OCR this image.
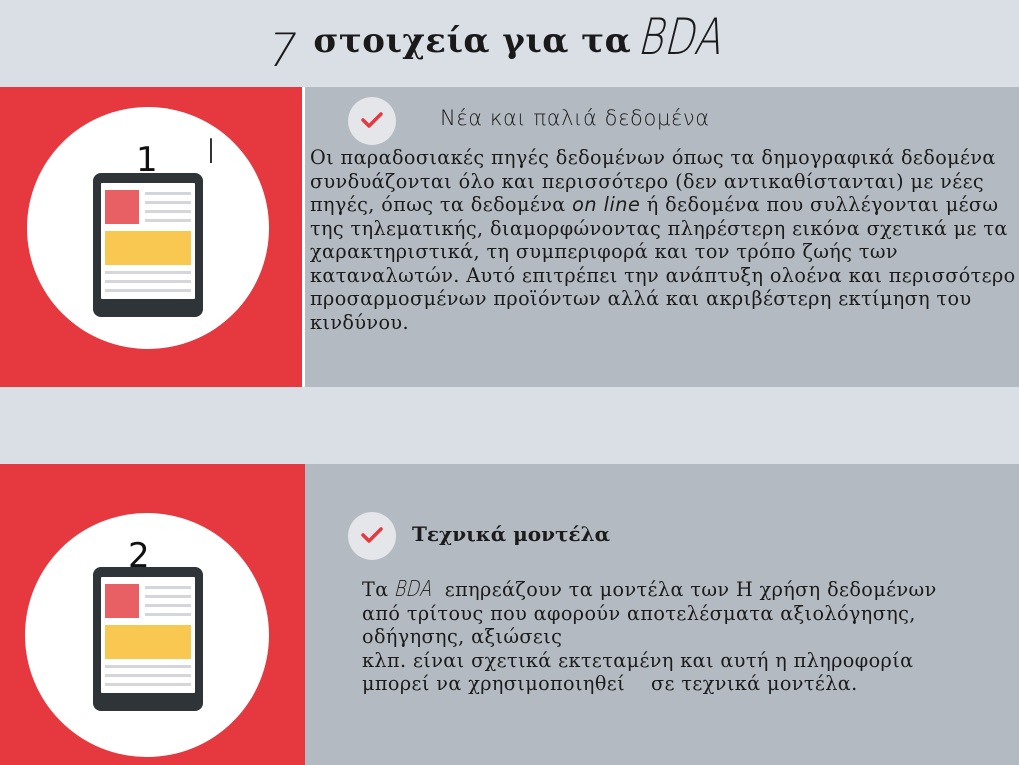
7 στοιχεία για ταBDA
1 I
Νέα και παλιά δεδομένα
Οι παραδοσιακές πηγές δεδομένων όπως τα δημογραφικά δεδομένα συνδυάζονται όλο και περισσότερο (δεν αντικαθίστανται) με νέες πηγές, όπως τα δεδομένα on line ή δεδομένα που συλλέγονται μέσω της τηλεματικής, διαμορφώνοντας πληρέστερη εικόνα σχετικά με τα χαρακτηριστικά, τη συμπεριφορά και τον τρόπο ζωής των καταναλωτών. Αυτό επιτρέπει την ανάπτυξη ολοένα και περισσότερο προσαρμοσμένων προϊόντων αλλά και ακριβέστερη εκτίμηση του κινδύνου.
2
Τεχνικά μοντέλα
Τα BDA επηρεάζουν τα μοντέλα των Η χρήση δεδομένων
από τρίτους που αφορούν αποτελέσματα αξιολόγησης,
οδήγησης, αξιώσεις
κλπ. είναι σχετικά εκτεταμένη και αυτή η πληροφορία
μπορεί να χρησιμοποιηθεί    σε τεχνικά μοντέλα.
